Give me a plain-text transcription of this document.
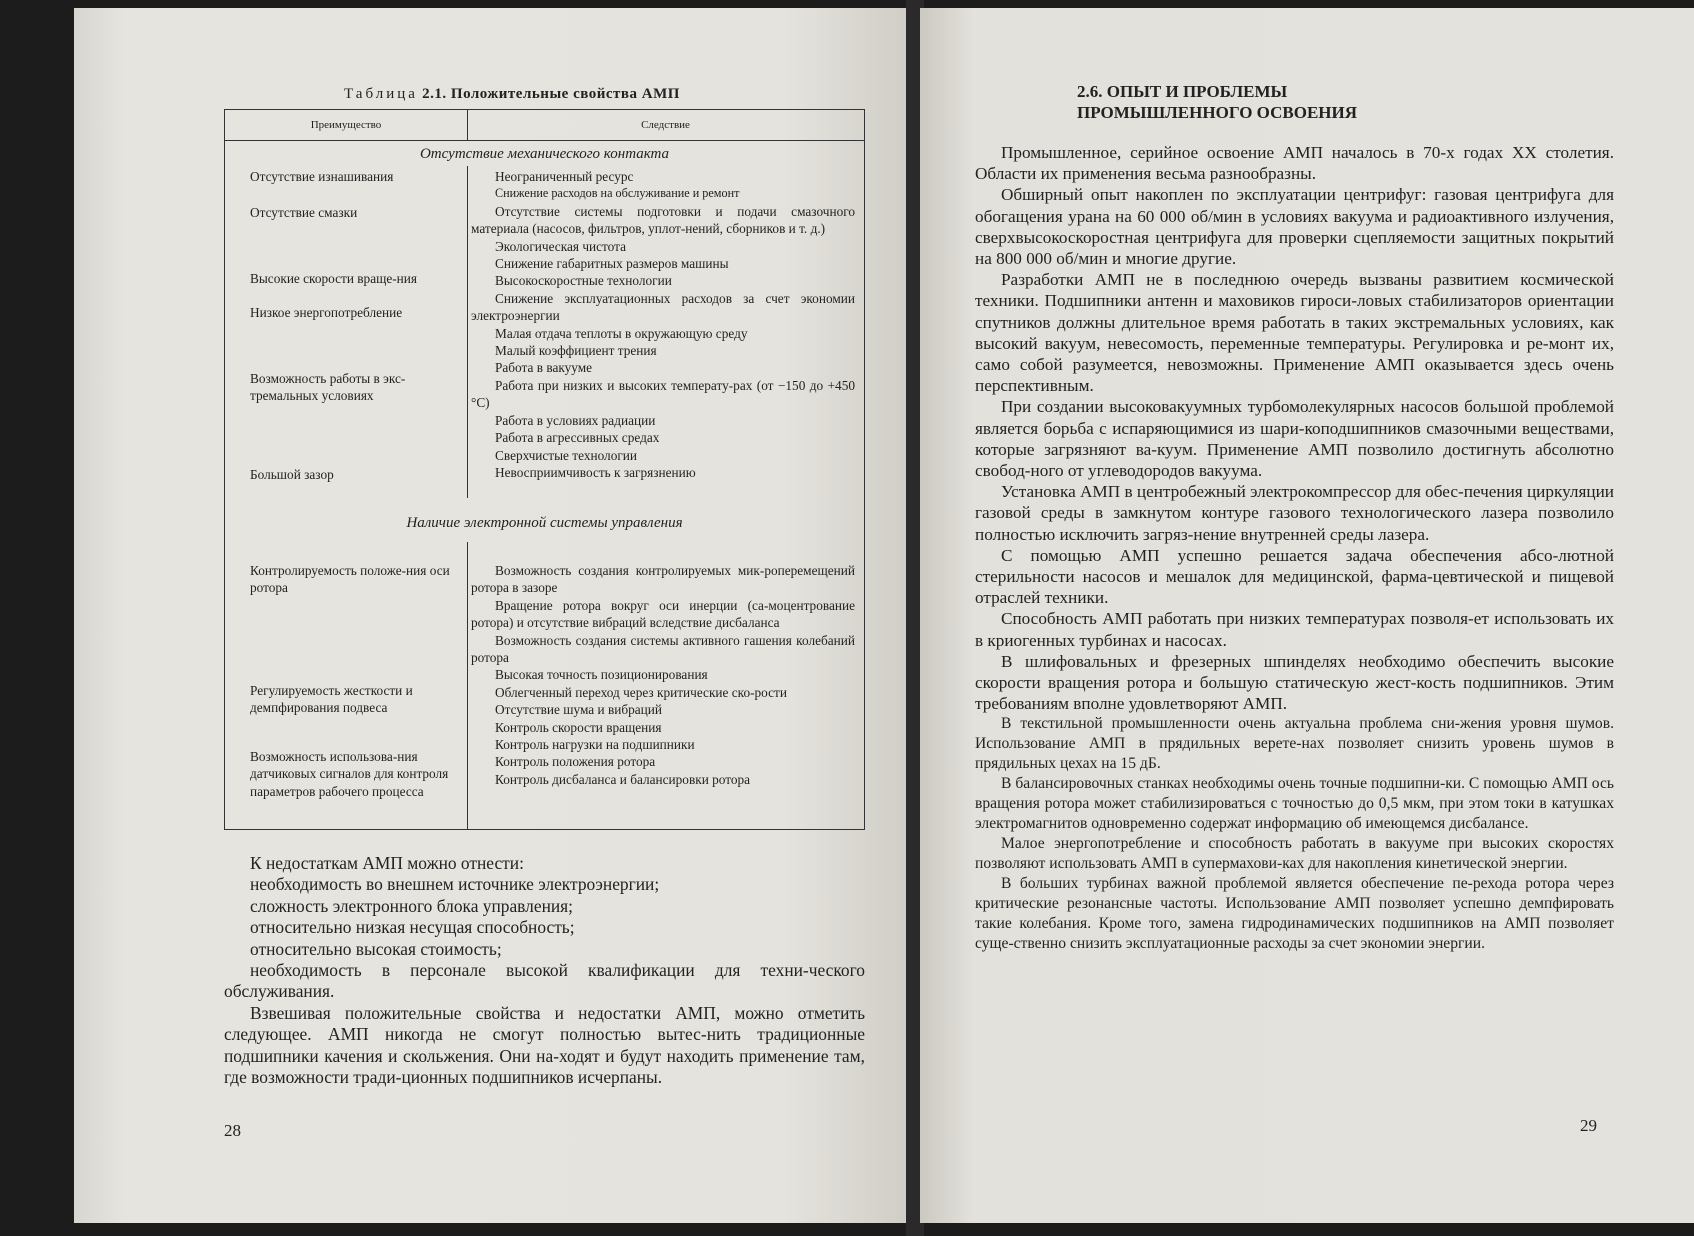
Таблица 2.1. Положительные свойства АМП
Преимущество	Следствие
Отсутствие механического контакта
Отсутствие изнашивания
Отсутствие смазки
Высокие скорости враще-ния
Низкое энергопотребление
Возможность работы в экс-тремальных условиях
Большой зазор
Неограниченный ресурс
Снижение расходов на обслуживание и ремонт
Отсутствие системы подготовки и подачи смазочного материала (насосов, фильтров, уплот-нений, сборников и т. д.)
Экологическая чистота
Снижение габаритных размеров машины
Высокоскоростные технологии
Снижение эксплуатационных расходов за счет экономии электроэнергии
Малая отдача теплоты в окружающую среду
Малый коэффициент трения
Работа в вакууме
Работа при низких и высоких температу-рах (от −150 до +450 °С)
Работа в условиях радиации
Работа в агрессивных средах
Сверхчистые технологии
Невосприимчивость к загрязнению
Наличие электронной системы управления
Контролируемость положе-ния оси ротора
Регулируемость жесткости и демпфирования подвеса
Возможность использова-ния датчиковых сигналов для контроля параметров рабочего процесса
Возможность создания контролируемых мик-роперемещений ротора в зазоре
Вращение ротора вокруг оси инерции (са-моцентрование ротора) и отсутствие вибраций вследствие дисбаланса
Возможность создания системы активного гашения колебаний ротора
Высокая точность позиционирования
Облегченный переход через критические ско-рости
Отсутствие шума и вибраций
Контроль скорости вращения
Контроль нагрузки на подшипники
Контроль положения ротора
Контроль дисбаланса и балансировки ротора

К недостаткам АМП можно отнести:

необходимость во внешнем источнике электроэнергии;

сложность электронного блока управления;

относительно низкая несущая способность;

относительно высокая стоимость;

необходимость в персонале высокой квалификации для техни-ческого обслуживания.

Взвешивая положительные свойства и недостатки АМП, можно отметить следующее. АМП никогда не смогут полностью вытес-нить традиционные подшипники качения и скольжения. Они на-ходят и будут находить применение там, где возможности тради-ционных подшипников исчерпаны.

28
2.6. ОПЫТ И ПРОБЛЕМЫ
ПРОМЫШЛЕННОГО ОСВОЕНИЯ

Промышленное, серийное освоение АМП началось в 70-х годах XX столетия. Области их применения весьма разнообразны.

Обширный опыт накоплен по эксплуатации центрифуг: газовая центрифуга для обогащения урана на 60 000 об/мин в условиях вакуума и радиоактивного излучения, сверхвысокоскоростная центрифуга для проверки сцепляемости защитных покрытий на 800 000 об/мин и многие другие.

Разработки АМП не в последнюю очередь вызваны развитием космической техники. Подшипники антенн и маховиков гироси-ловых стабилизаторов ориентации спутников должны длительное время работать в таких экстремальных условиях, как высокий вакуум, невесомость, переменные температуры. Регулировка и ре-монт их, само собой разумеется, невозможны. Применение АМП оказывается здесь очень перспективным.

При создании высоковакуумных турбомолекулярных насосов большой проблемой является борьба с испаряющимися из шари-коподшипников смазочными веществами, которые загрязняют ва-куум. Применение АМП позволило достигнуть абсолютно свобод-ного от углеводородов вакуума.

Установка АМП в центробежный электрокомпрессор для обес-печения циркуляции газовой среды в замкнутом контуре газового технологического лазера позволило полностью исключить загряз-нение внутренней среды лазера.

С помощью АМП успешно решается задача обеспечения абсо-лютной стерильности насосов и мешалок для медицинской, фарма-цевтической и пищевой отраслей техники.

Способность АМП работать при низких температурах позволя-ет использовать их в криогенных турбинах и насосах.

В шлифовальных и фрезерных шпинделях необходимо обеспечить высокие скорости вращения ротора и большую статическую жест-кость подшипников. Этим требованиям вполне удовлетворяют АМП.

В текстильной промышленности очень актуальна проблема сни-жения уровня шумов. Использование АМП в прядильных верете-нах позволяет снизить уровень шумов в прядильных цехах на 15 дБ.

В балансировочных станках необходимы очень точные подшипни-ки. С помощью АМП ось вращения ротора может стабилизироваться с точностью до 0,5 мкм, при этом токи в катушках электромагнитов одновременно содержат информацию об имеющемся дисбалансе.

Малое энергопотребление и способность работать в вакууме при высоких скоростях позволяют использовать АМП в супермахови-ках для накопления кинетической энергии.

В больших турбинах важной проблемой является обеспечение пе-рехода ротора через критические резонансные частоты. Использование АМП позволяет успешно демпфировать такие колебания. Кроме того, замена гидродинамических подшипников на АМП позволяет суще-ственно снизить эксплуатационные расходы за счет экономии энергии.

29
